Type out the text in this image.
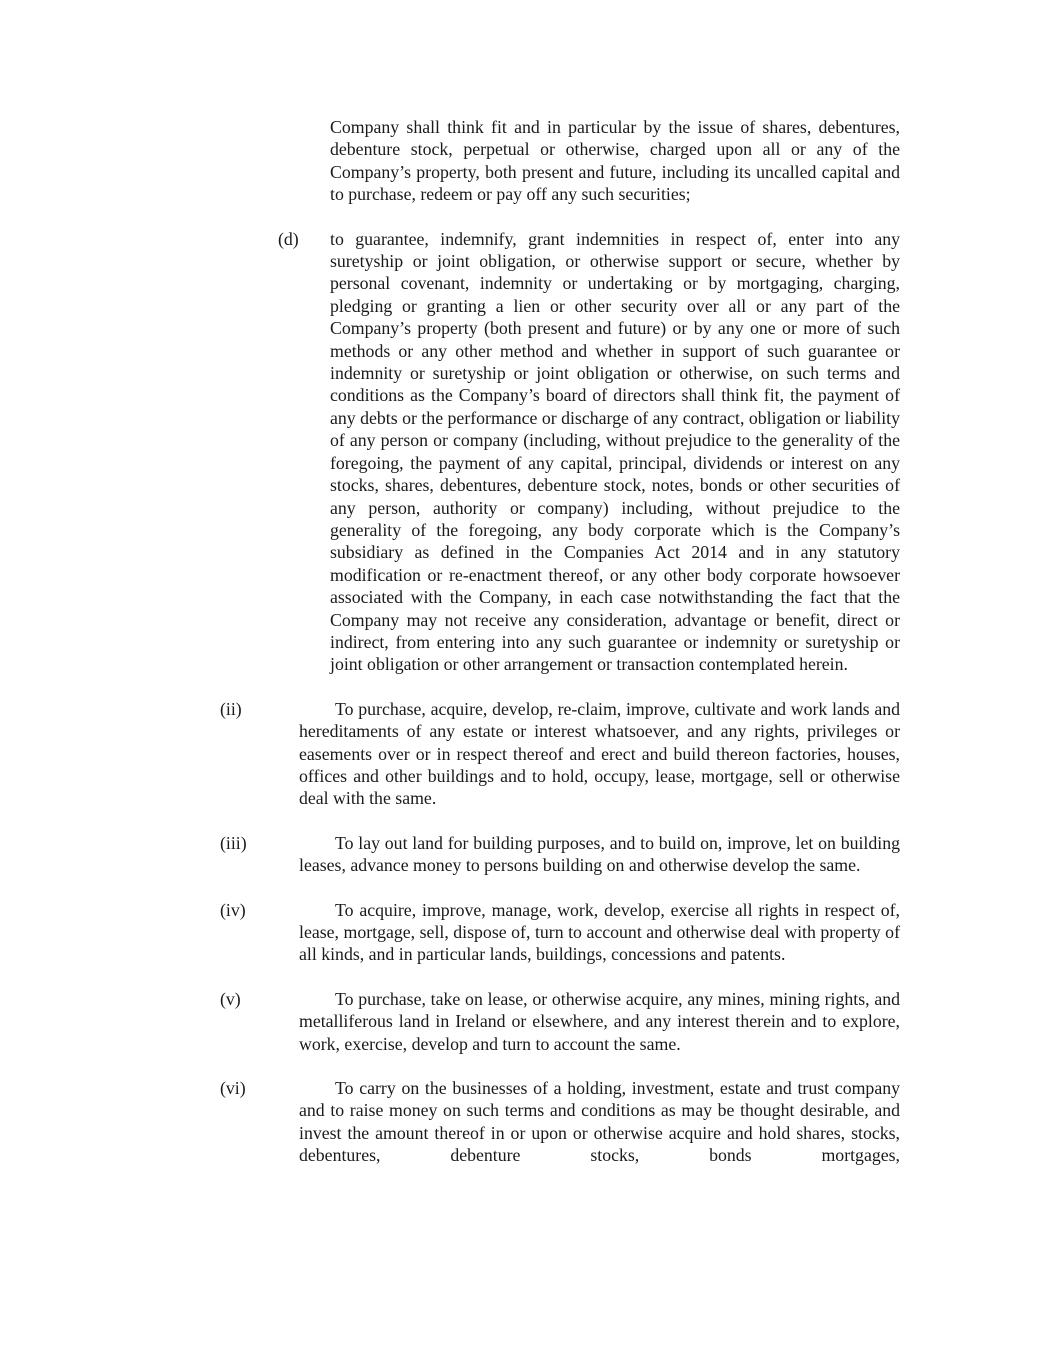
Company shall think fit and in particular by the issue of shares, debentures, debenture stock, perpetual or otherwise, charged upon all or any of the Company’s property, both present and future, including its uncalled capital and to purchase, redeem or pay off any such securities;
(d)	to guarantee, indemnify, grant indemnities in respect of, enter into any suretyship or joint obligation, or otherwise support or secure, whether by personal covenant, indemnity or undertaking or by mortgaging, charging, pledging or granting a lien or other security over all or any part of the Company’s property (both present and future) or by any one or more of such methods or any other method and whether in support of such guarantee or indemnity or suretyship or joint obligation or otherwise, on such terms and conditions as the Company’s board of directors shall think fit, the payment of any debts or the performance or discharge of any contract, obligation or liability of any person or company (including, without prejudice to the generality of the foregoing, the payment of any capital, principal, dividends or interest on any stocks, shares, debentures, debenture stock, notes, bonds or other securities of any person, authority or company) including, without prejudice to the generality of the foregoing, any body corporate which is the Company’s subsidiary as defined in the Companies Act 2014 and in any statutory modification or re-enactment thereof, or any other body corporate howsoever associated with the Company, in each case notwithstanding the fact that the Company may not receive any consideration, advantage or benefit, direct or indirect, from entering into any such guarantee or indemnity or suretyship or joint obligation or other arrangement or transaction contemplated herein.
(ii)	To purchase, acquire, develop, re-claim, improve, cultivate and work lands and hereditaments of any estate or interest whatsoever, and any rights, privileges or easements over or in respect thereof and erect and build thereon factories, houses, offices and other buildings and to hold, occupy, lease, mortgage, sell or otherwise deal with the same.
(iii)	To lay out land for building purposes, and to build on, improve, let on building leases, advance money to persons building on and otherwise develop the same.
(iv)	To acquire, improve, manage, work, develop, exercise all rights in respect of, lease, mortgage, sell, dispose of, turn to account and otherwise deal with property of all kinds, and in particular lands, buildings, concessions and patents.
(v)	To purchase, take on lease, or otherwise acquire, any mines, mining rights, and metalliferous land in Ireland or elsewhere, and any interest therein and to explore, work, exercise, develop and turn to account the same.
(vi)	To carry on the businesses of a holding, investment, estate and trust company and to raise money on such terms and conditions as may be thought desirable, and invest the amount thereof in or upon or otherwise acquire and hold shares, stocks, debentures, debenture stocks, bonds mortgages,
